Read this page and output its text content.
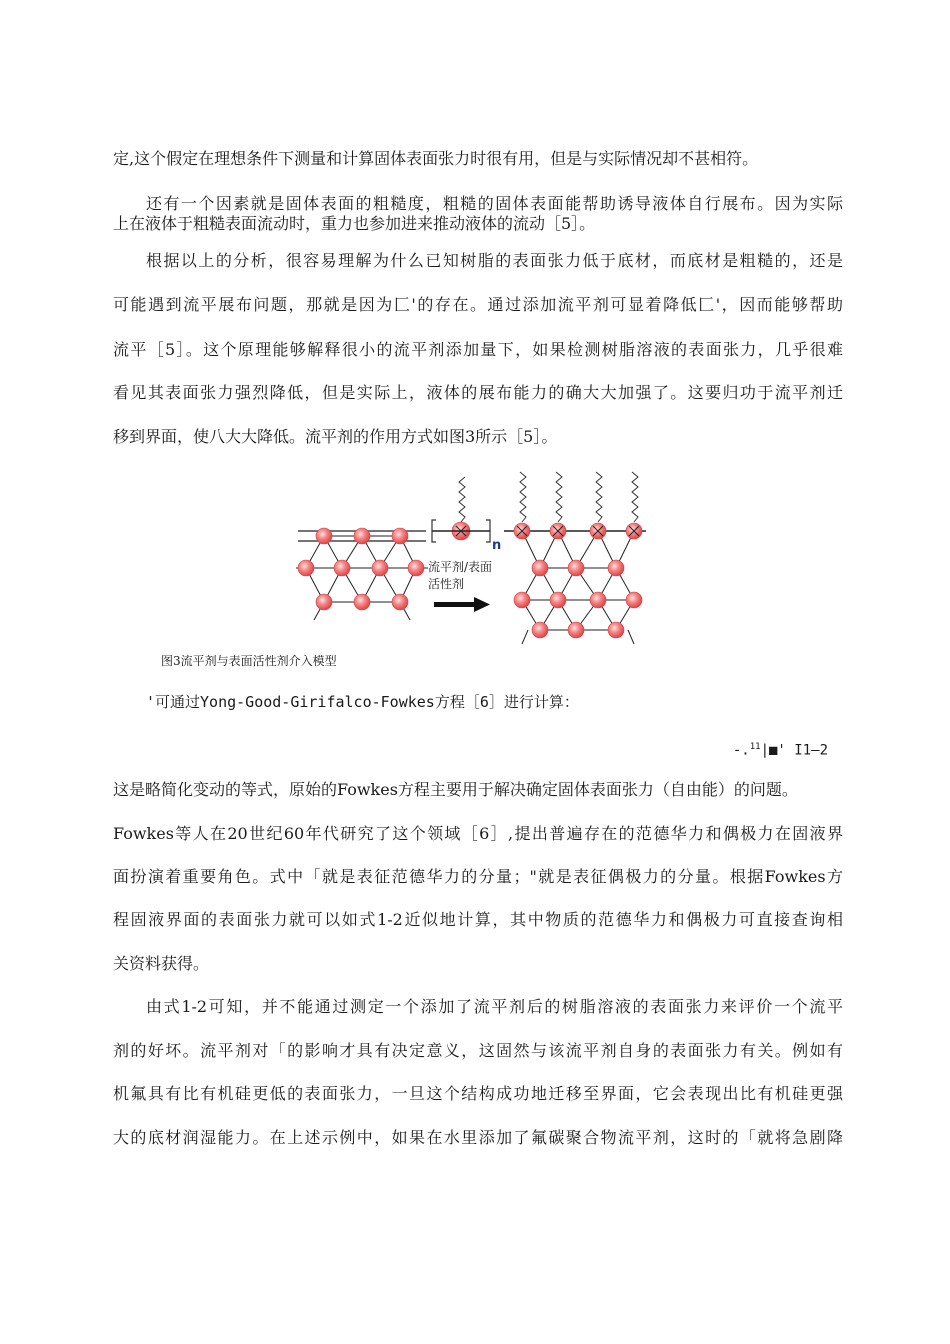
定,这个假定在理想条件下测量和计算固体表面张力时很有用，但是与实际情况却不甚相符。
还有一个因素就是固体表面的粗糙度，粗糙的固体表面能帮助诱导液体自行展布。因为实际
上在液体于粗糙表面流动时，重力也参加进来推动液体的流动［5］。
根据以上的分析，很容易理解为什么已知树脂的表面张力低于底材，而底材是粗糙的，还是
可能遇到流平展布问题，那就是因为匚'的存在。通过添加流平剂可显着降低匚'，因而能够帮助
流平［5］。这个原理能够解释很小的流平剂添加量下，如果检测树脂溶液的表面张力，几乎很难
看见其表面张力强烈降低，但是实际上，液体的展布能力的确大大加强了。这要归功于流平剂迁
移到界面，使八大大降低。流平剂的作用方式如图3所示［5］。
n
流平剂/表面
活性剂
图3流平剂与表面活性剂介入模型
'可通过Yong-Good-Girifalco-Fowkes方程［6］进行计算：
-.$^{11}$|■' I1—2
这是略简化变动的等式，原始的Fowkes方程主要用于解决确定固体表面张力（自由能）的问题。
Fowkes等人在20世纪60年代研究了这个领域［6］,提出普遍存在的范德华力和偶极力在固液界
面扮演着重要角色。式中「就是表征范德华力的分量；"就是表征偶极力的分量。根据Fowkes方
程固液界面的表面张力就可以如式1-2近似地计算，其中物质的范德华力和偶极力可直接查询相
关资料获得。
由式1-2可知，并不能通过测定一个添加了流平剂后的树脂溶液的表面张力来评价一个流平
剂的好坏。流平剂对「的影响才具有决定意义，这固然与该流平剂自身的表面张力有关。例如有
机氟具有比有机硅更低的表面张力，一旦这个结构成功地迁移至界面，它会表现出比有机硅更强
大的底材润湿能力。在上述示例中，如果在水里添加了氟碳聚合物流平剂，这时的「就将急剧降
